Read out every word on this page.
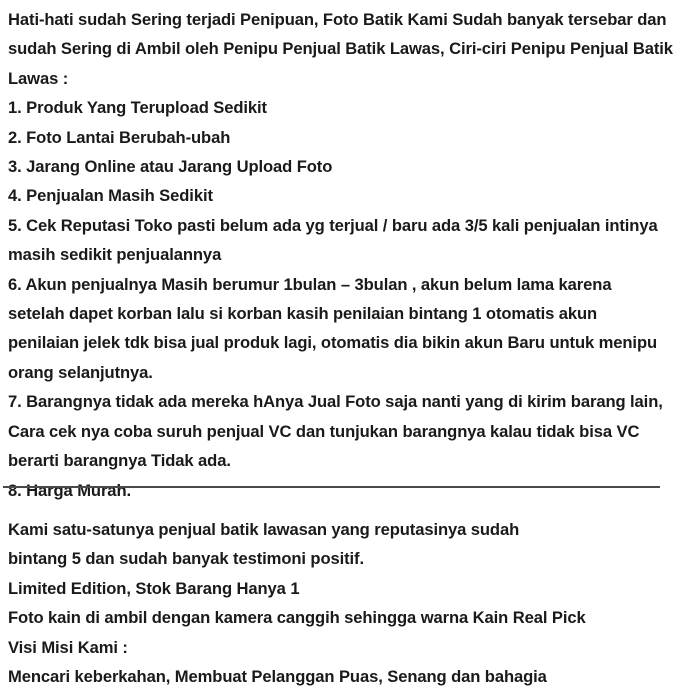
Hati-hati sudah Sering terjadi Penipuan, Foto Batik Kami Sudah banyak tersebar dan
sudah Sering di Ambil oleh Penipu Penjual Batik Lawas, Ciri-ciri Penipu Penjual Batik
Lawas :
1. Produk Yang Terupload Sedikit
2. Foto Lantai Berubah-ubah
3. Jarang Online atau Jarang Upload Foto
4. Penjualan Masih Sedikit
5. Cek Reputasi Toko pasti belum ada yg terjual / baru ada 3/5 kali penjualan intinya
masih sedikit penjualannya
6. Akun penjualnya Masih berumur 1bulan – 3bulan , akun belum lama karena
setelah dapet korban lalu si korban kasih penilaian bintang 1 otomatis akun
penilaian jelek tdk bisa jual produk lagi, otomatis dia bikin akun Baru untuk menipu
orang selanjutnya.
7. Barangnya tidak ada mereka hAnya Jual Foto saja nanti yang di kirim barang lain,
Cara cek nya coba suruh penjual VC dan tunjukan barangnya kalau tidak bisa VC
berarti barangnya Tidak ada.
8. Harga Murah.
Kami satu-satunya penjual batik lawasan yang reputasinya sudah
bintang 5 dan sudah banyak testimoni positif.
Limited Edition, Stok Barang Hanya 1
Foto kain di ambil dengan kamera canggih sehingga warna Kain Real Pick
Visi Misi Kami :
Mencari keberkahan, Membuat Pelanggan Puas, Senang dan bahagia
